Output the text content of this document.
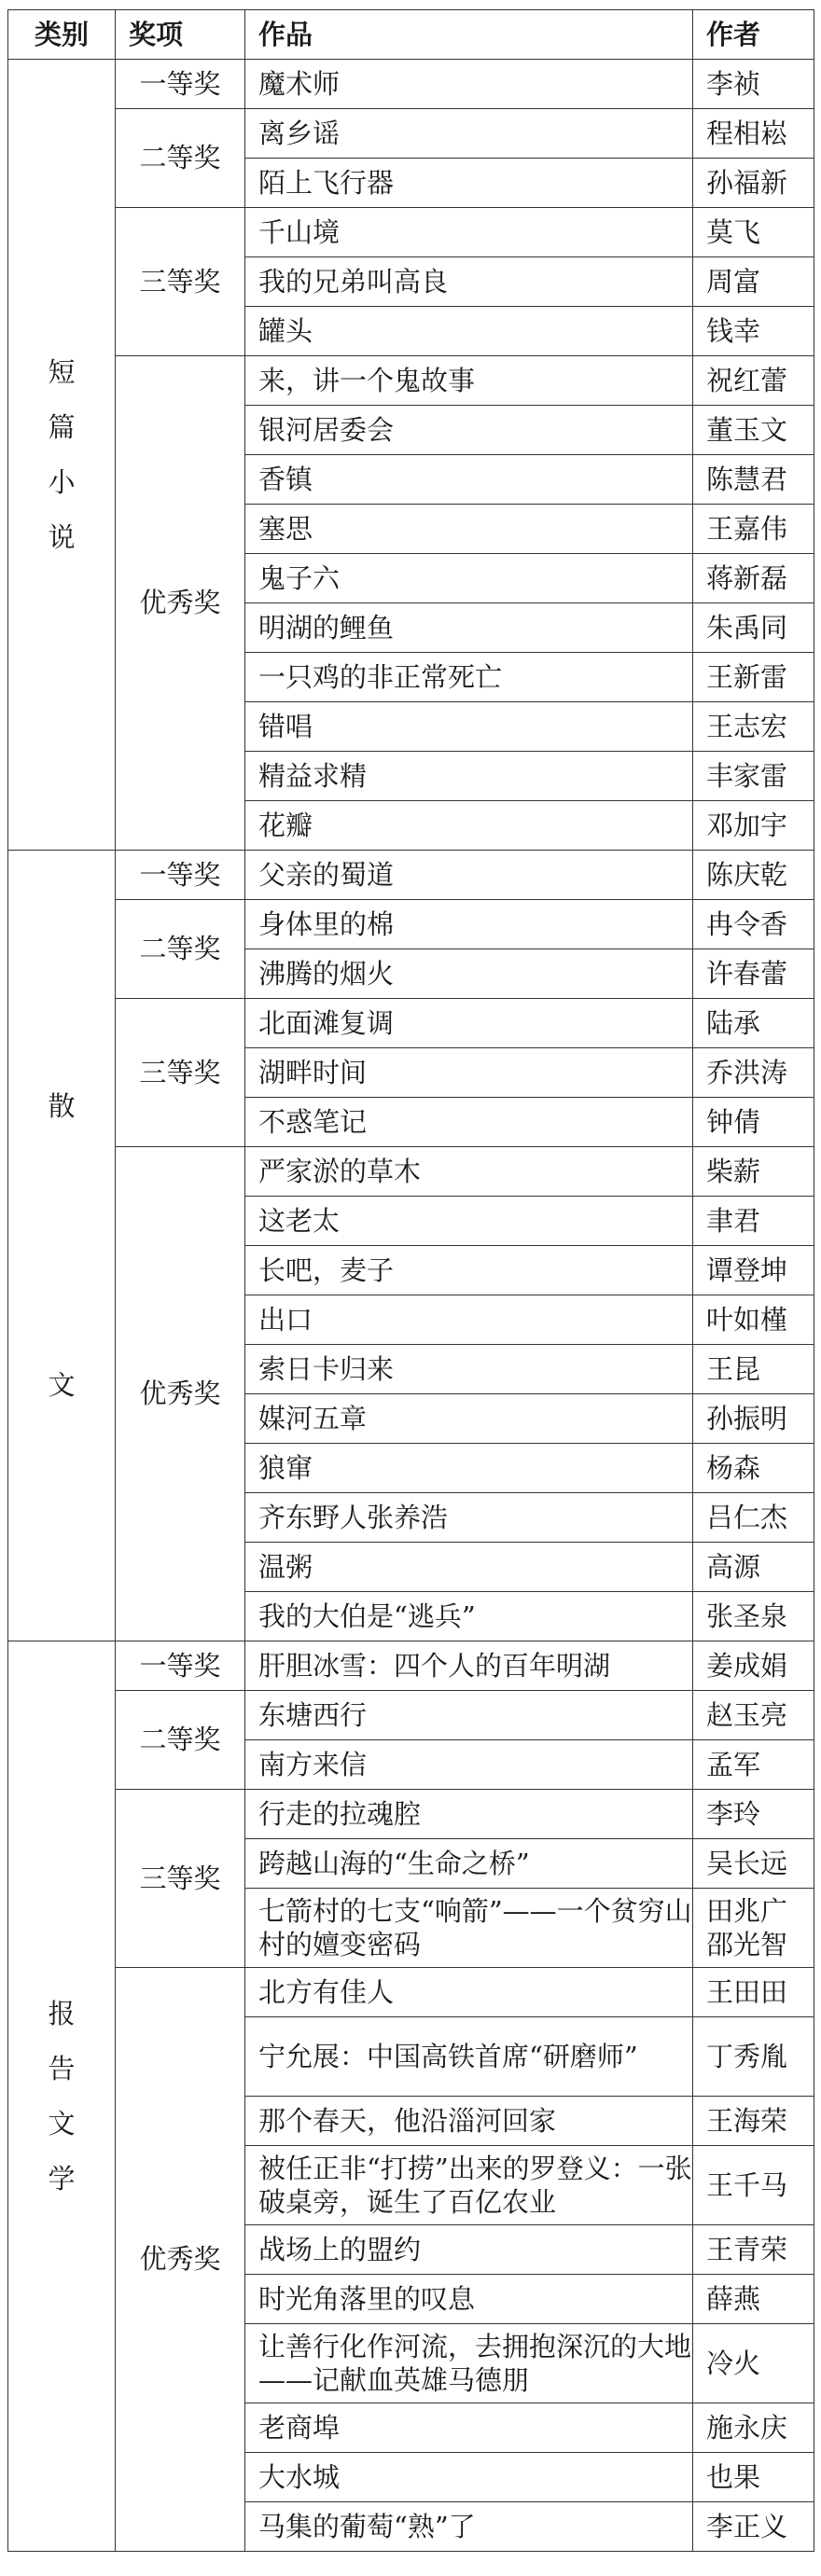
类别	奖项	作品	作者

短
篇
小
说	一等奖	魔术师	李祯
	二等奖	离乡谣	程相崧
		陌上飞行器	孙福新
	三等奖	千山境	莫飞
		我的兄弟叫高良	周富
		罐头	钱幸
	优秀奖	来，讲一个鬼故事	祝红蕾
		银河居委会	董玉文
		香镇	陈慧君
		塞思	王嘉伟
		鬼子六	蒋新磊
		明湖的鲤鱼	朱禹同
		一只鸡的非正常死亡	王新雷
		错唱	王志宏
		精益求精	丰家雷
		花瓣	邓加宇

散
文	一等奖	父亲的蜀道	陈庆乾
	二等奖	身体里的棉	冉令香
		沸腾的烟火	许春蕾
	三等奖	北面滩复调	陆承
		湖畔时间	乔洪涛
		不惑笔记	钟倩
	优秀奖	严家淤的草木	柴薪
		这老太	聿君
		长吧，麦子	谭登坤
		出口	叶如槿
		索日卡归来	王昆
		媒河五章	孙振明
		狼窜	杨森
		齐东野人张养浩	吕仁杰
		温粥	高源
		我的大伯是“逃兵”	张圣泉

报
告
文
学	一等奖	肝胆冰雪：四个人的百年明湖	姜成娟
	二等奖	东塘西行	赵玉亮
		南方来信	孟军
	三等奖	行走的拉魂腔	李玲
		跨越山海的“生命之桥”	吴长远
		七箭村的七支“响箭”——一个贫穷山村的嬗变密码	田兆广
邵光智
	优秀奖	北方有佳人	王田田
		宁允展：中国高铁首席“研磨师”	丁秀胤
		那个春天，他沿淄河回家	王海荣
		被任正非“打捞”出来的罗登义：一张破桌旁，诞生了百亿农业	王千马
		战场上的盟约	王青荣
		时光角落里的叹息	薛燕
		让善行化作河流，去拥抱深沉的大地——记献血英雄马德朋	冷火
		老商埠	施永庆
		大水城	也果
		马集的葡萄“熟”了	李正义
